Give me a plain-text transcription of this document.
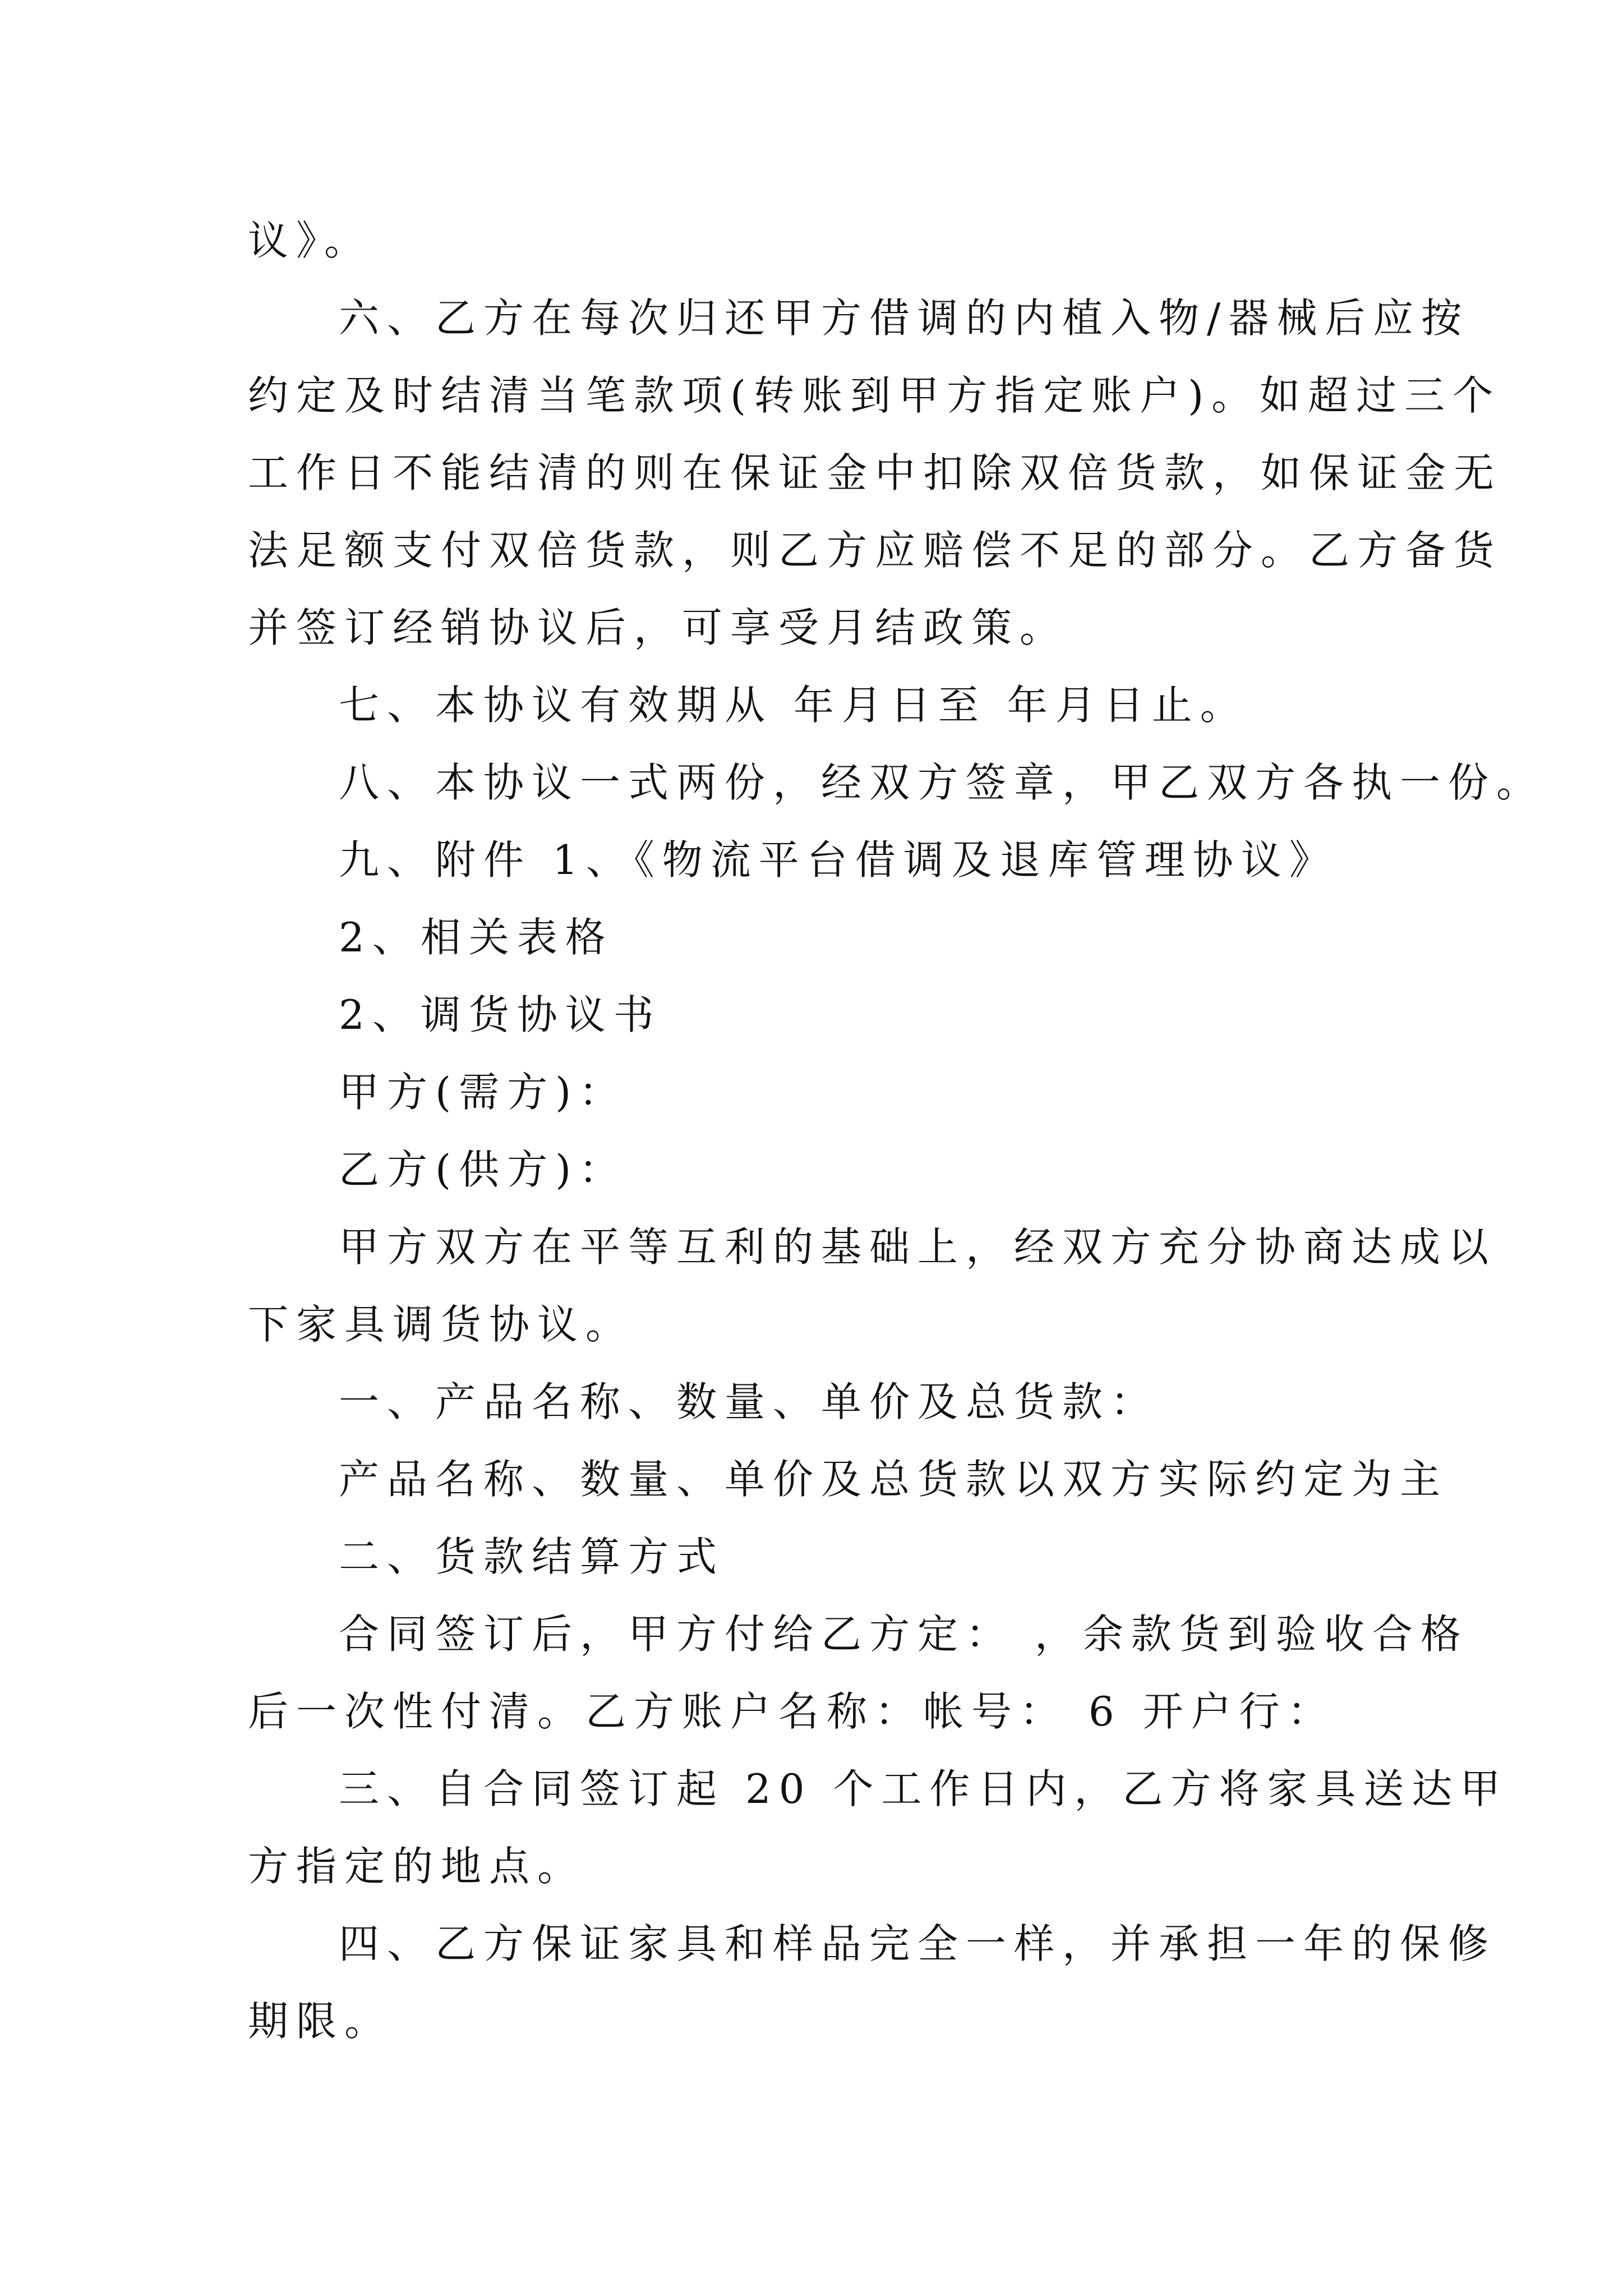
议》。

六、乙方在每次归还甲方借调的内植入物/器械后应按

约定及时结清当笔款项(转账到甲方指定账户)。如超过三个

工作日不能结清的则在保证金中扣除双倍货款，如保证金无

法足额支付双倍货款，则乙方应赔偿不足的部分。乙方备货

并签订经销协议后，可享受月结政策。

七、本协议有效期从 年月日至 年月日止。

八、本协议一式两份，经双方签章，甲乙双方各执一份。

九、附件 1、《物流平台借调及退库管理协议》

2、相关表格

2、调货协议书

甲方(需方)：

乙方(供方)：

甲方双方在平等互利的基础上，经双方充分协商达成以

下家具调货协议。

一、产品名称、数量、单价及总货款：

产品名称、数量、单价及总货款以双方实际约定为主

二、货款结算方式

合同签订后，甲方付给乙方定： ，余款货到验收合格

后一次性付清。乙方账户名称：帐号： 6 开户行：

三、自合同签订起 20 个工作日内，乙方将家具送达甲

方指定的地点。

四、乙方保证家具和样品完全一样，并承担一年的保修

期限。
